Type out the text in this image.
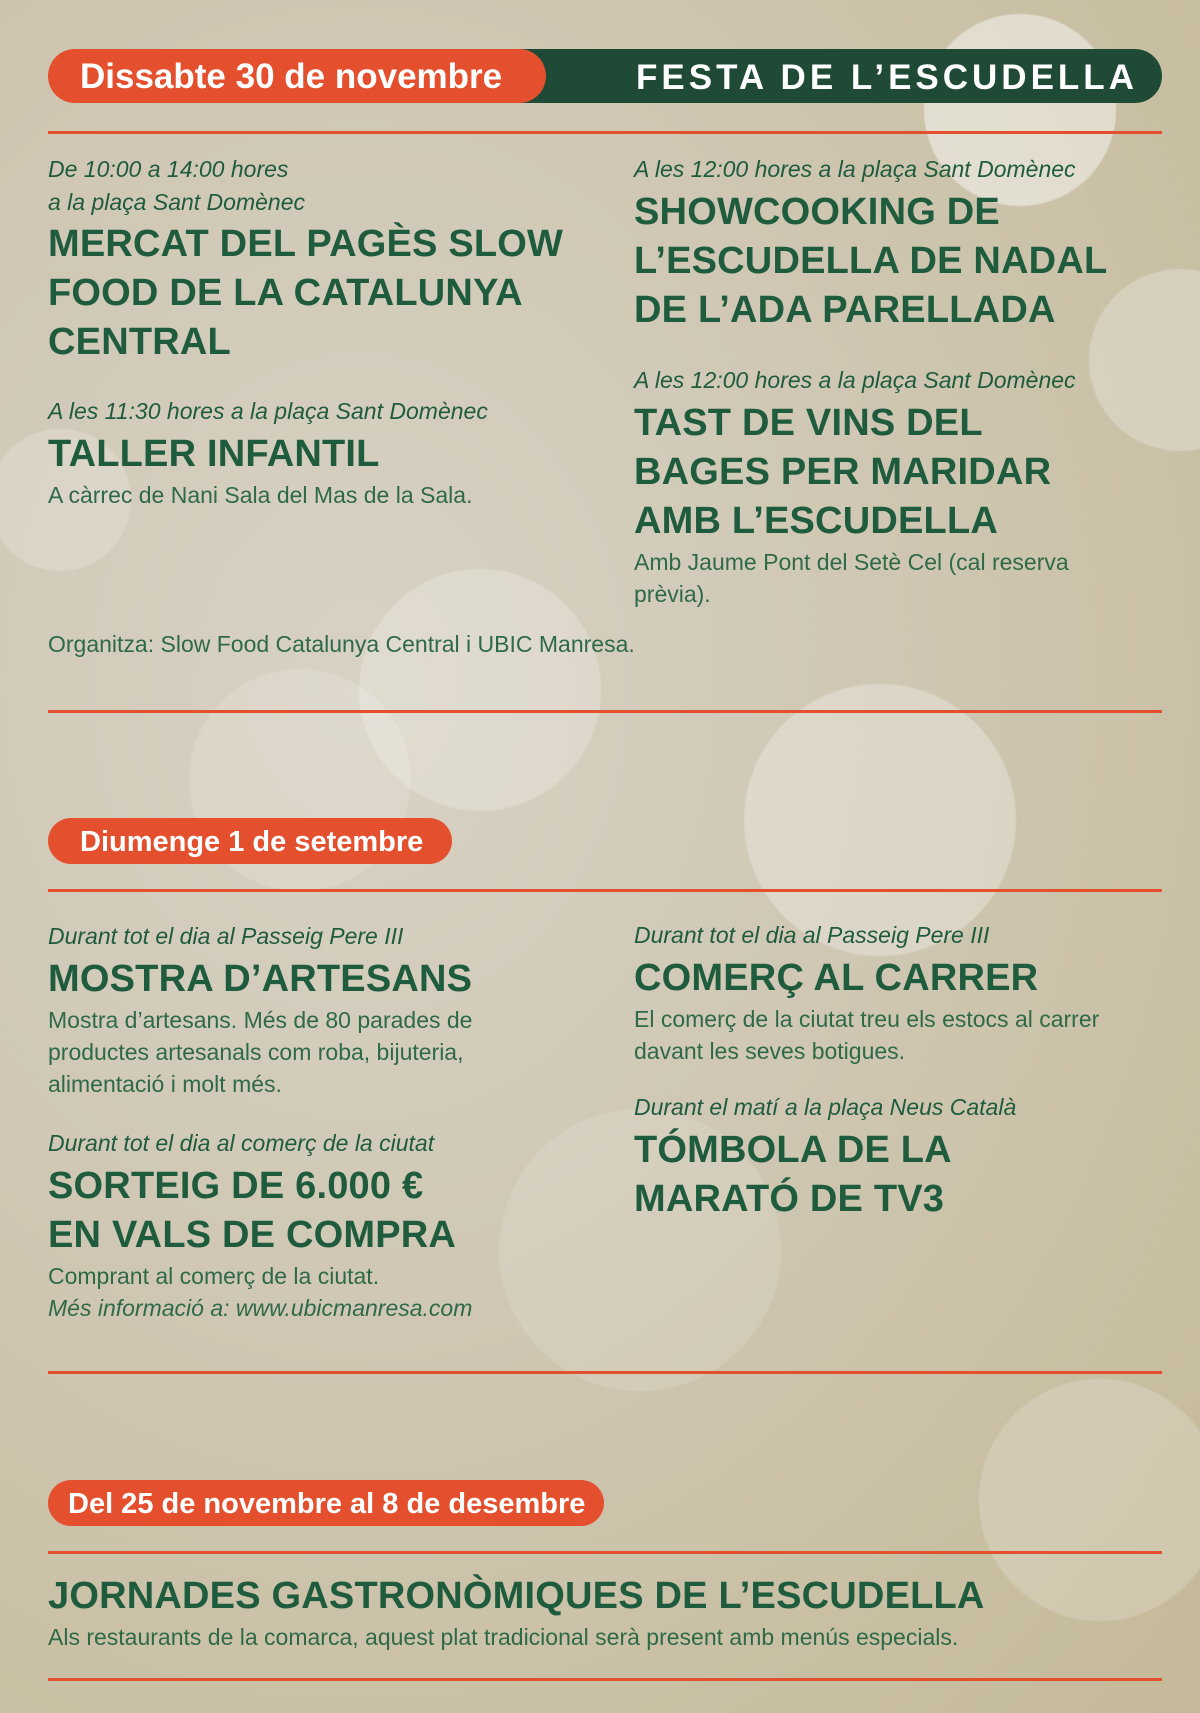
FESTA DE L’ESCUDELLA
Dissabte 30 de novembre

De 10:00 a 14:00 hores
a la plaça Sant Domènec

MERCAT DEL PAGÈS SLOW
FOOD DE LA CATALUNYA
CENTRAL

A les 11:30 hores a la plaça Sant Domènec

TALLER INFANTIL

A càrrec de Nani Sala del Mas de la Sala.

A les 12:00 hores a la plaça Sant Domènec

SHOWCOOKING DE
L’ESCUDELLA DE NADAL
DE L’ADA PARELLADA

A les 12:00 hores a la plaça Sant Domènec

TAST DE VINS DEL
BAGES PER MARIDAR
AMB L’ESCUDELLA

Amb Jaume Pont del Setè Cel (cal reserva
prèvia).

Organitza: Slow Food Catalunya Central i UBIC Manresa.

Diumenge 1 de setembre

Durant tot el dia al Passeig Pere III

MOSTRA D’ARTESANS

Mostra d’artesans. Més de 80 parades de
productes artesanals com roba, bijuteria,
alimentació i molt més.

Durant tot el dia al comerç de la ciutat

SORTEIG DE 6.000 €
EN VALS DE COMPRA

Comprant al comerç de la ciutat.

Més informació a: www.ubicmanresa.com

Durant tot el dia al Passeig Pere III

COMERÇ AL CARRER

El comerç de la ciutat treu els estocs al carrer
davant les seves botigues.

Durant el matí a la plaça Neus Català

TÓMBOLA DE LA
MARATÓ DE TV3

Del 25 de novembre al 8 de desembre

JORNADES GASTRONÒMIQUES DE L’ESCUDELLA

Als restaurants de la comarca, aquest plat tradicional serà present amb menús especials.
